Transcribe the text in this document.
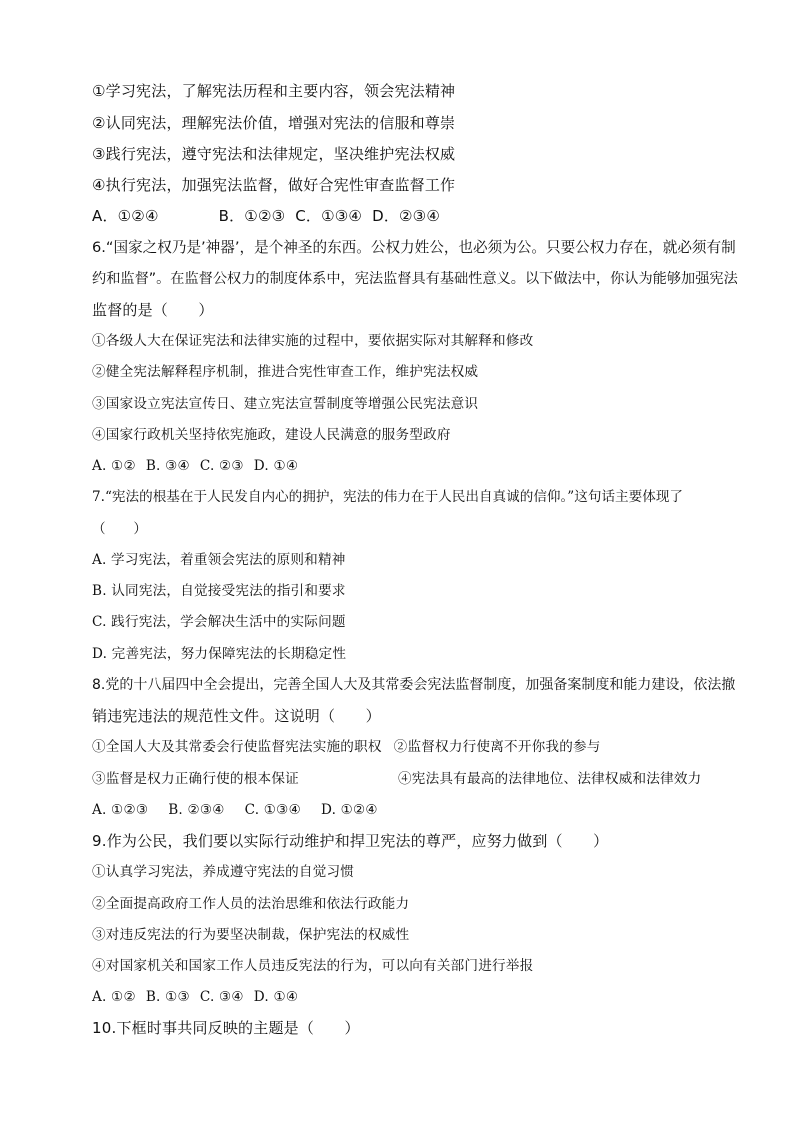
①学习宪法，了解宪法历程和主要内容，领会宪法精神
②认同宪法，理解宪法价值，增强对宪法的信服和尊崇
③践行宪法，遵守宪法和法律规定，坚决维护宪法权威
④执行宪法，加强宪法监督，做好合宪性审查监督工作
A．①②④	B．①②③ C．①③④ D．②③④
6.“国家之权乃是’神器’，是个神圣的东西。公权力姓公，也必须为公。只要公权力存在，就必须有制
约和监督”。在监督公权力的制度体系中，宪法监督具有基础性意义。以下做法中，你认为能够加强宪法
监督的是（　　）
①各级人大在保证宪法和法律实施的过程中，要依据实际对其解释和修改
②健全宪法解释程序机制，推进合宪性审查工作，维护宪法权威
③国家设立宪法宣传日、建立宪法宣誓制度等增强公民宪法意识
④国家行政机关坚持依宪施政，建设人民满意的服务型政府
A. ①② B. ③④ C. ②③ D. ①④
7.“宪法的根基在于人民发自内心的拥护，宪法的伟力在于人民出自真诚的信仰。”这句话主要体现了
（　　）
A. 学习宪法，着重领会宪法的原则和精神
B. 认同宪法，自觉接受宪法的指引和要求
C. 践行宪法，学会解决生活中的实际问题
D. 完善宪法，努力保障宪法的长期稳定性
8.党的十八届四中全会提出，完善全国人大及其常委会宪法监督制度，加强备案制度和能力建设，依法撤
销违宪违法的规范性文件。这说明（　　）
①全国人大及其常委会行使监督宪法实施的职权 ②监督权力行使离不开你我的参与
③监督是权力正确行使的根本保证	④宪法具有最高的法律地位、法律权威和法律效力
A. ①②③ B. ②③④ C. ①③④ D. ①②④
9.作为公民，我们要以实际行动维护和捍卫宪法的尊严，应努力做到（　　）
①认真学习宪法，养成遵守宪法的自觉习惯
②全面提高政府工作人员的法治思维和依法行政能力
③对违反宪法的行为要坚决制裁，保护宪法的权威性
④对国家机关和国家工作人员违反宪法的行为，可以向有关部门进行举报
A. ①② B. ①③ C. ③④ D. ①④
10.下框时事共同反映的主题是（　　）
